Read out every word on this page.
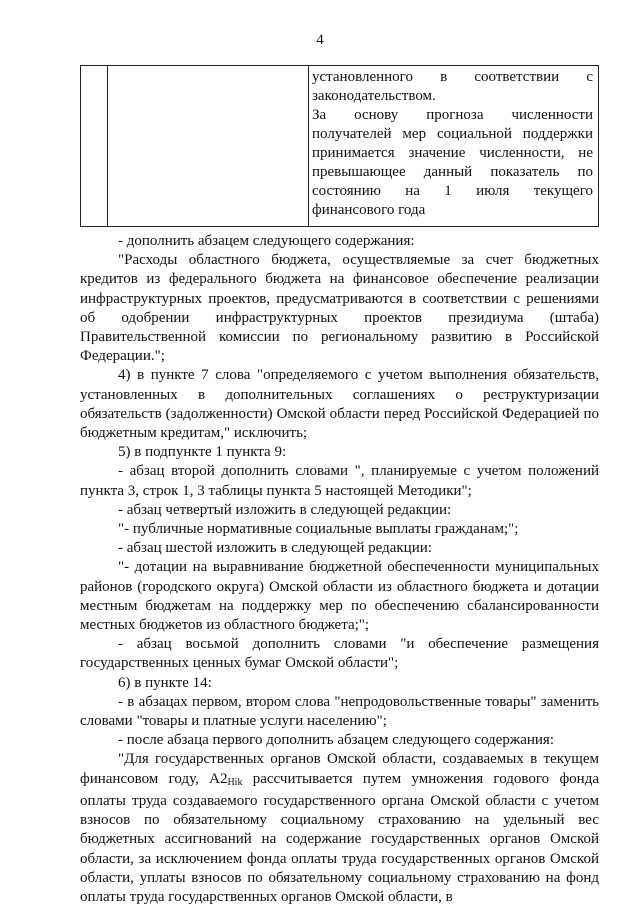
4

установленного в соответствии с законодательством.

За основу прогноза численности получателей мер социальной поддержки принимается значение численности, не превышающее данный показатель по состоянию на 1 июля текущего финансового года

- дополнить абзацем следующего содержания:

"Расходы областного бюджета, осуществляемые за счет бюджетных кредитов из федерального бюджета на финансовое обеспечение реализации инфраструктурных проектов, предусматриваются в соответствии с решениями об одобрении инфраструктурных проектов президиума (штаба) Правительственной комиссии по региональному развитию в Российской Федерации.";

4) в пункте 7 слова "определяемого с учетом выполнения обязательств, установленных в дополнительных соглашениях о реструктуризации обязательств (задолженности) Омской области перед Российской Федерацией по бюджетным кредитам," исключить;

5) в подпункте 1 пункта 9:

- абзац второй дополнить словами ", планируемые с учетом положений пункта 3, строк 1, 3 таблицы пункта 5 настоящей Методики";

- абзац четвертый изложить в следующей редакции:

"- публичные нормативные социальные выплаты гражданам;";

- абзац шестой изложить в следующей редакции:

"- дотации на выравнивание бюджетной обеспеченности муниципальных районов (городского округа) Омской области из областного бюджета и дотации местным бюджетам на поддержку мер по обеспечению сбалансированности местных бюджетов из областного бюджета;";

- абзац восьмой дополнить словами "и обеспечение размещения государственных ценных бумаг Омской области";

6) в пункте 14:

- в абзацах первом, втором слова "непродовольственные товары" заменить словами "товары и платные услуги населению";

- после абзаца первого дополнить абзацем следующего содержания:

"Для государственных органов Омской области, создаваемых в текущем финансовом году, $А2_{Hik}$ рассчитывается путем умножения годового фонда оплаты труда создаваемого государственного органа Омской области с учетом взносов по обязательному социальному страхованию на удельный вес бюджетных ассигнований на содержание государственных органов Омской области, за исключением фонда оплаты труда государственных органов Омской области, уплаты взносов по обязательному социальному страхованию на фонд оплаты труда государственных органов Омской области, в
